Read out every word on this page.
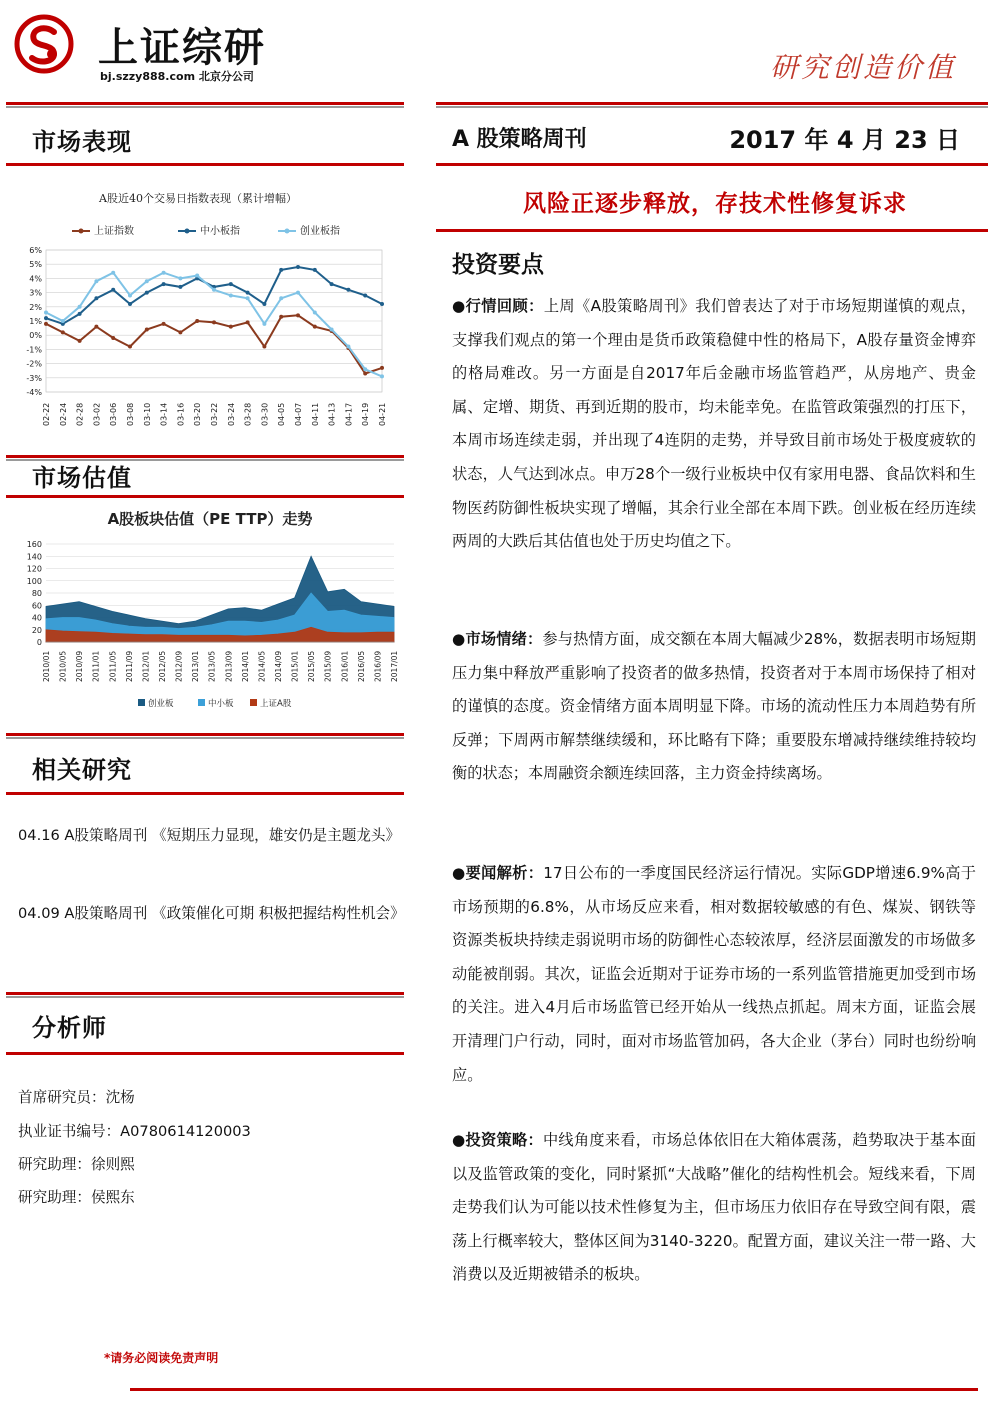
上证综研
bj.szzy888.com 北京分公司	研究创造价值
市场表现	A 股策略周刊	2017 年 4 月 23 日
风险正逐步释放，存技术性修复诉求
投资要点
A股近40个交易日指数表现（累计增幅）
上证指数	中小板指	创业板指
6%
5%
4%
3%
2%
1%
0%
-1%
-2%
-3%
-4%
02-22 02-24 02-28 03-02 03-06 03-08 03-10 03-14 03-16 03-20 03-22 03-24 03-28 03-30 04-05 04-07 04-11 04-13 04-17 04-19 04-21
市场估值
A股板块估值（PE TTP）走势
160
140
120
100
80
60
40
20
0
2010/01 2010/05 2010/09 2011/01 2011/05 2011/09 2012/01 2012/05 2012/09 2013/01 2013/05 2013/09 2014/01 2014/05 2014/09 2015/01 2015/05 2015/09 2016/01 2016/05 2016/09 2017/01
创业板	中小板	上证A股
相关研究
04.16 A股策略周刊 《短期压力显现，雄安仍是主题龙头》
04.09 A股策略周刊 《政策催化可期 积极把握结构性机会》
分析师
首席研究员：沈杨
执业证书编号：A0780614120003
研究助理：徐则熙
研究助理：侯熙东
●行情回顾：上周《A股策略周刊》我们曾表达了对于市场短期谨慎的观点，支撑我们观点的第一个理由是货币政策稳健中性的格局下，A股存量资金博弈的格局难改。另一方面是自2017年后金融市场监管趋严，从房地产、贵金属、定增、期货、再到近期的股市，均未能幸免。在监管政策强烈的打压下，本周市场连续走弱，并出现了4连阴的走势，并导致目前市场处于极度疲软的状态，人气达到冰点。申万28个一级行业板块中仅有家用电器、食品饮料和生物医药防御性板块实现了增幅，其余行业全部在本周下跌。创业板在经历连续两周的大跌后其估值也处于历史均值之下。
●市场情绪：参与热情方面，成交额在本周大幅减少28%，数据表明市场短期压力集中释放严重影响了投资者的做多热情，投资者对于本周市场保持了相对的谨慎的态度。资金情绪方面本周明显下降。市场的流动性压力本周趋势有所反弹；下周两市解禁继续缓和，环比略有下降；重要股东增减持继续维持较均衡的状态；本周融资余额连续回落，主力资金持续离场。
●要闻解析：17日公布的一季度国民经济运行情况。实际GDP增速6.9%高于市场预期的6.8%，从市场反应来看，相对数据较敏感的有色、煤炭、钢铁等资源类板块持续走弱说明市场的防御性心态较浓厚，经济层面激发的市场做多动能被削弱。其次，证监会近期对于证券市场的一系列监管措施更加受到市场的关注。进入4月后市场监管已经开始从一线热点抓起。周末方面，证监会展开清理门户行动，同时，面对市场监管加码，各大企业（茅台）同时也纷纷响应。
●投资策略：中线角度来看，市场总体依旧在大箱体震荡，趋势取决于基本面以及监管政策的变化，同时紧抓“大战略”催化的结构性机会。短线来看，下周走势我们认为可能以技术性修复为主，但市场压力依旧存在导致空间有限，震荡上行概率较大，整体区间为3140-3220。配置方面，建议关注一带一路、大消费以及近期被错杀的板块。
*请务必阅读免责声明
